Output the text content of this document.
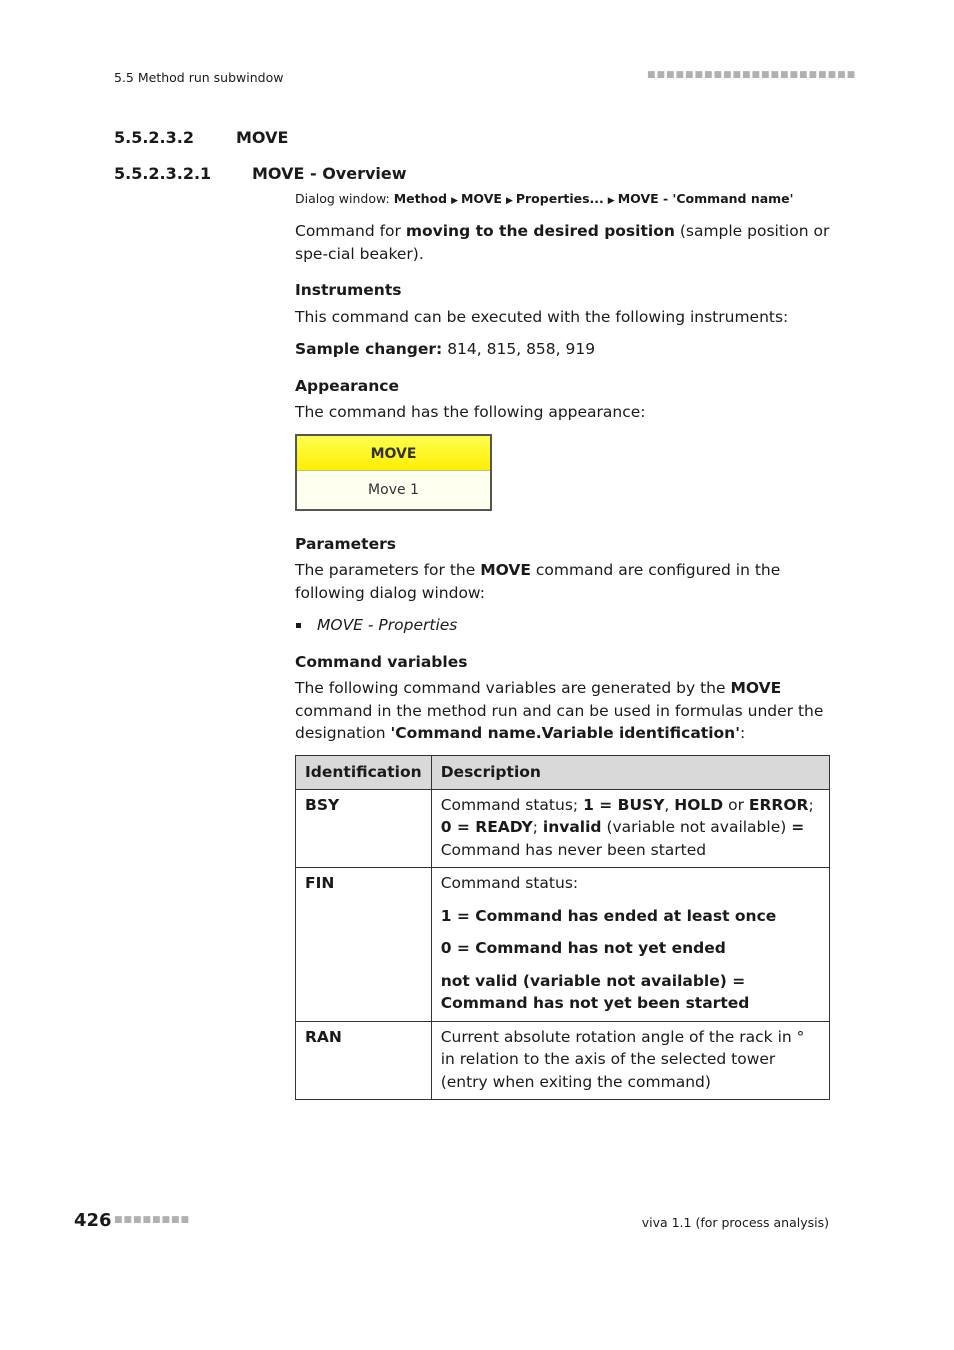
5.5 Method run subwindow	■■■■■■■■■■■■■■■■■■■■■■
5.5.2.3.2	MOVE
5.5.2.3.2.1	MOVE - Overview
Dialog window: Method ▶ MOVE ▶ Properties... ▶ MOVE - 'Command name'

Command for moving to the desired position (sample position or spe-cial beaker).

Instruments

This command can be executed with the following instruments:

Sample changer: 814, 815, 858, 919

Appearance

The command has the following appearance:

MOVE
Move 1
Parameters

The parameters for the MOVE command are configured in the following dialog window:

MOVE - Properties
Command variables

The following command variables are generated by the MOVE command in the method run and can be used in formulas under the designation 'Command name.Variable identification':

Identification	Description
BSY	Command status; 1 = BUSY, HOLD or ERROR; 0 = READY; invalid (variable not available) = Command has never been started
FIN	Command status:

1 = Command has ended at least once

0 = Command has not yet ended

not valid (variable not available) = Command has not yet been started

RAN	Current absolute rotation angle of the rack in ° in relation to the axis of the selected tower (entry when exiting the command)
426 ■■■■■■■■	viva 1.1 (for process analysis)
